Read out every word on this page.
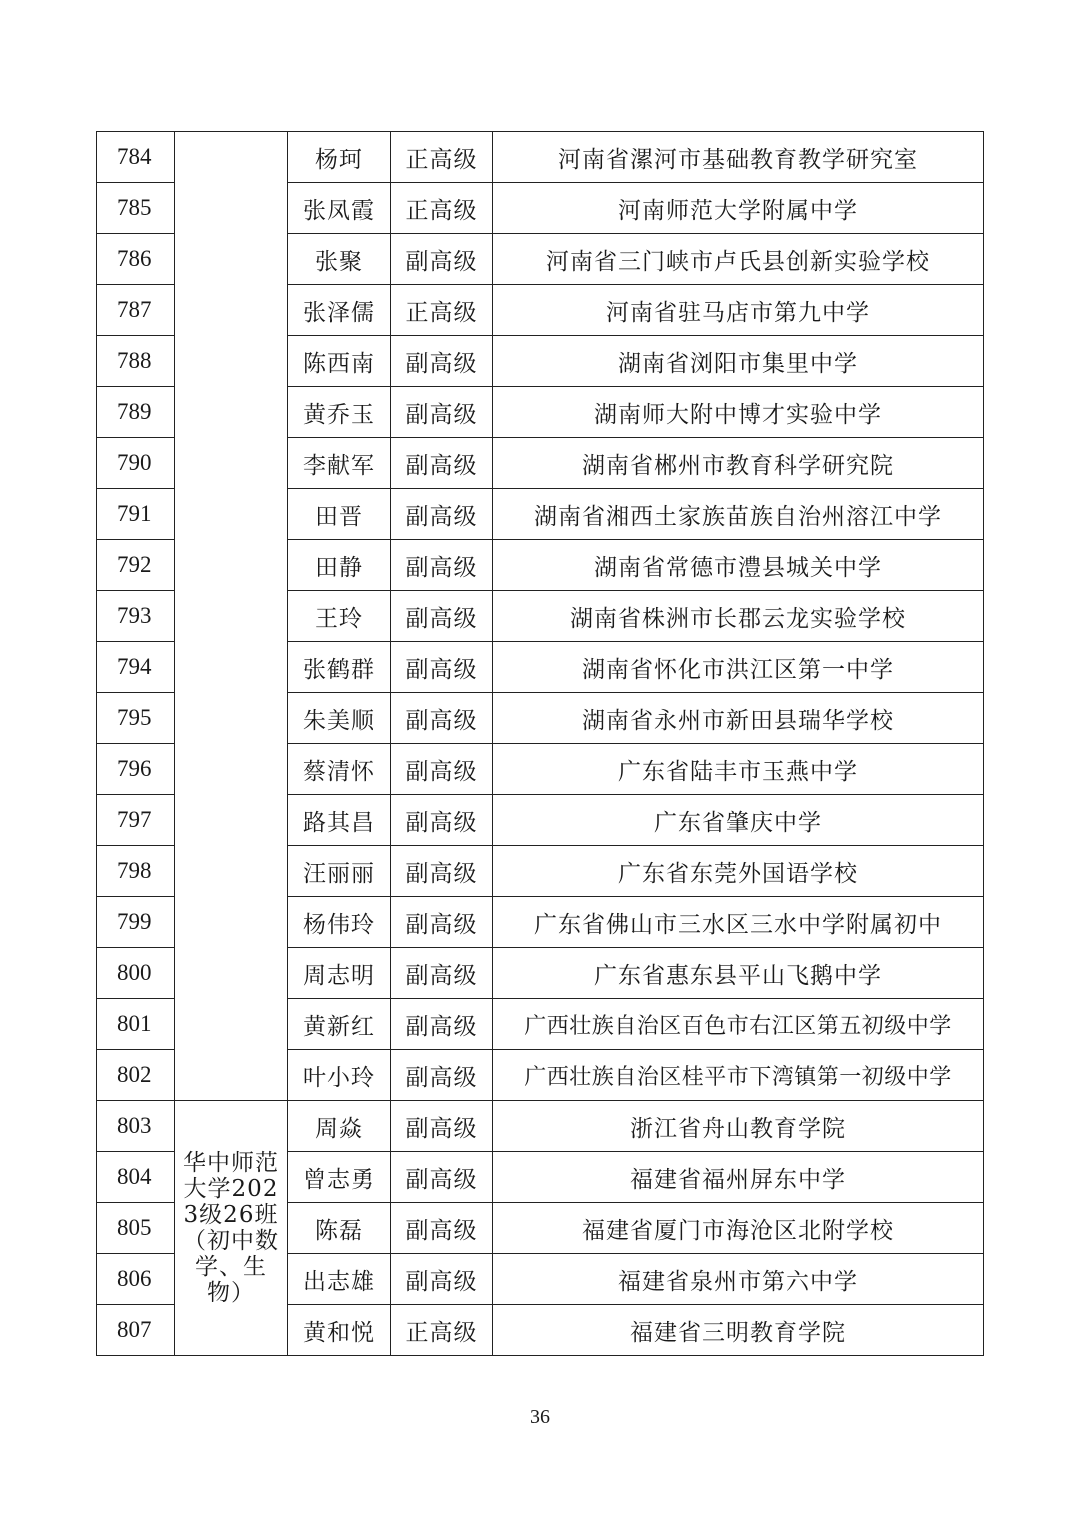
784		杨珂	正高级	河南省漯河市基础教育教学研究室
785		张凤霞	正高级	河南师范大学附属中学
786		张聚	副高级	河南省三门峡市卢氏县创新实验学校
787		张泽儒	正高级	河南省驻马店市第九中学
788		陈西南	副高级	湖南省浏阳市集里中学
789		黄乔玉	副高级	湖南师大附中博才实验中学
790		李献军	副高级	湖南省郴州市教育科学研究院
791		田晋	副高级	湖南省湘西土家族苗族自治州溶江中学
792		田静	副高级	湖南省常德市澧县城关中学
793		王玲	副高级	湖南省株洲市长郡云龙实验学校
794		张鹤群	副高级	湖南省怀化市洪江区第一中学
795		朱美顺	副高级	湖南省永州市新田县瑞华学校
796		蔡清怀	副高级	广东省陆丰市玉燕中学
797		路其昌	副高级	广东省肇庆中学
798		汪丽丽	副高级	广东省东莞外国语学校
799		杨伟玲	副高级	广东省佛山市三水区三水中学附属初中
800		周志明	副高级	广东省惠东县平山飞鹅中学
801		黄新红	副高级	广西壮族自治区百色市右江区第五初级中学
802		叶小玲	副高级	广西壮族自治区桂平市下湾镇第一初级中学
803	华中师范大学2023级26班（初中数学、生物）	周焱	副高级	浙江省舟山教育学院
804		曾志勇	副高级	福建省福州屏东中学
805		陈磊	副高级	福建省厦门市海沧区北附学校
806		出志雄	副高级	福建省泉州市第六中学
807		黄和悦	正高级	福建省三明教育学院
36
